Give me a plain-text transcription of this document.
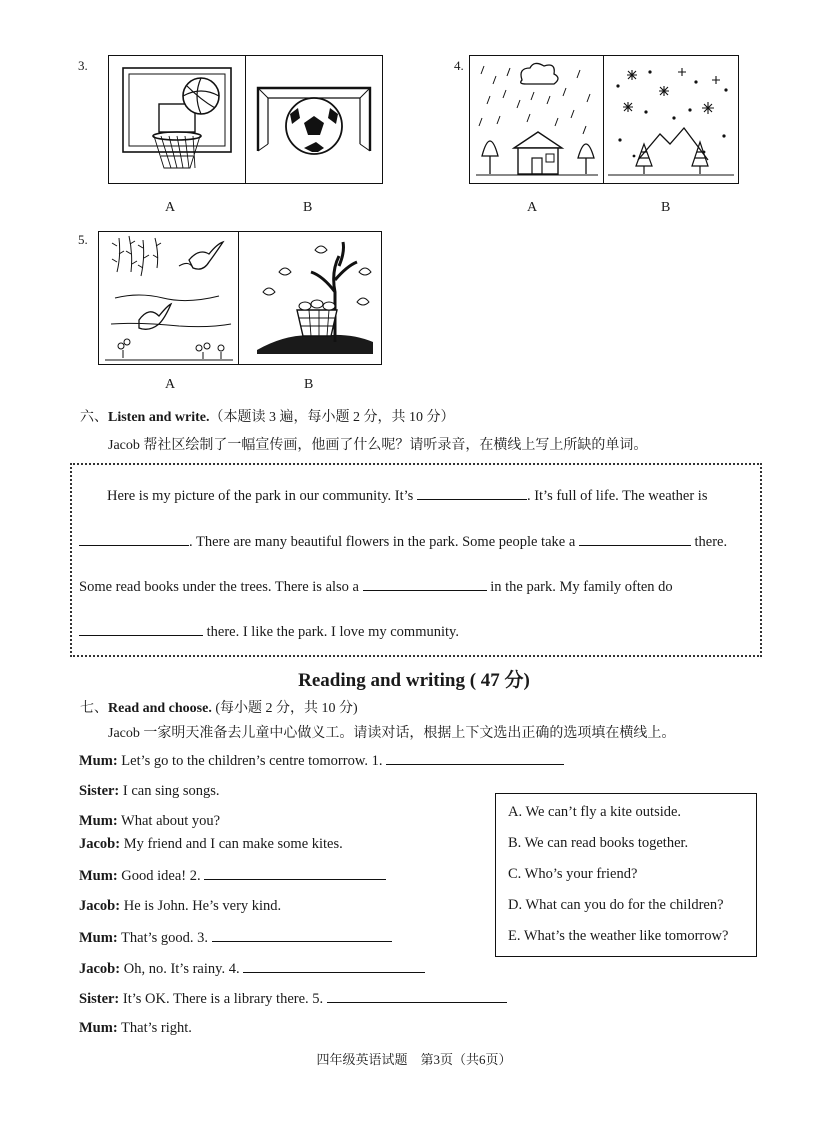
3.
A	B
4.
A	B
5.
A	B
六、Listen and write.（本题读 3 遍，每小题 2 分，共 10 分）
Jacob 帮社区绘制了一幅宣传画，他画了什么呢？请听录音，在横线上写上所缺的单词。
Here is my picture of the park in our community. It’s	. It’s full of life. The weather is
. There are many beautiful flowers in the park. Some people take a	there.
Some read books under the trees. There is also a	in the park. My family often do
there. I like the park. I love my community.
Reading and writing ( 47 分)
七、Read and choose. (每小题 2 分，共 10 分)
Jacob 一家明天准备去儿童中心做义工。请读对话，根据上下文选出正确的选项填在横线上。
Mum: Let’s go to the children’s centre tomorrow. 1.
Sister: I can sing songs.
Mum: What about you?
Jacob: My friend and I can make some kites.
Mum: Good idea! 2.
Jacob: He is John. He’s very kind.
Mum: That’s good. 3.
Jacob: Oh, no. It’s rainy. 4.
Sister: It’s OK. There is a library there. 5.
Mum: That’s right.
A. We can’t fly a kite outside.
B. We can read books together.
C. Who’s your friend?
D. What can you do for the children?
E. What’s the weather like tomorrow?
四年级英语试题　第3页（共6页）
